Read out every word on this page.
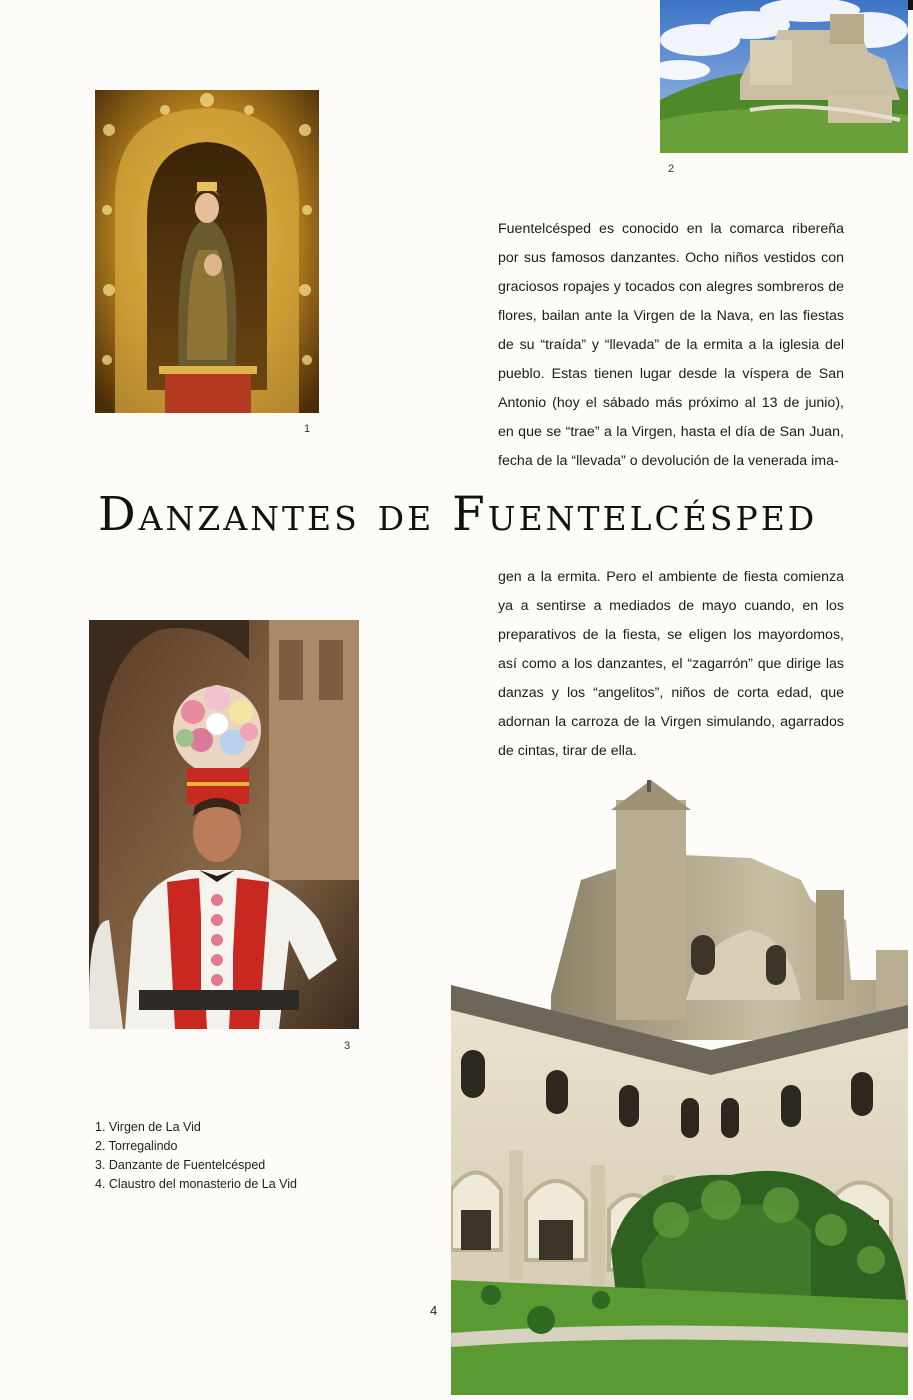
1
2
Fuentelcésped es conocido en la comarca ribereña por sus famosos danzantes. Ocho niños vestidos con graciosos ropajes y tocados con alegres sombreros de flores, bailan ante la Virgen de la Nava, en las fiestas de su “traída” y “llevada” de la ermita a la iglesia del pueblo. Estas tienen lugar desde la víspera de San Antonio (hoy el sábado más próximo al 13 de junio), en que se “trae” a la Virgen, hasta el día de San Juan, fecha de la “llevada” o devolución de la venerada ima-
Danzantes de Fuentelcésped
gen a la ermita. Pero el ambiente de fiesta comienza ya a sentirse a mediados de mayo cuando, en los preparativos de la fiesta, se eligen los mayordomos, así como a los danzantes, el “zagarrón” que dirige las danzas y los “angelitos”, niños de corta edad, que adornan la carroza de la Virgen simulando, agarrados de cintas, tirar de ella.
3
1. Virgen de La Vid
2. Torregalindo
3. Danzante de Fuentelcésped
4. Claustro del monasterio de La Vid
4
